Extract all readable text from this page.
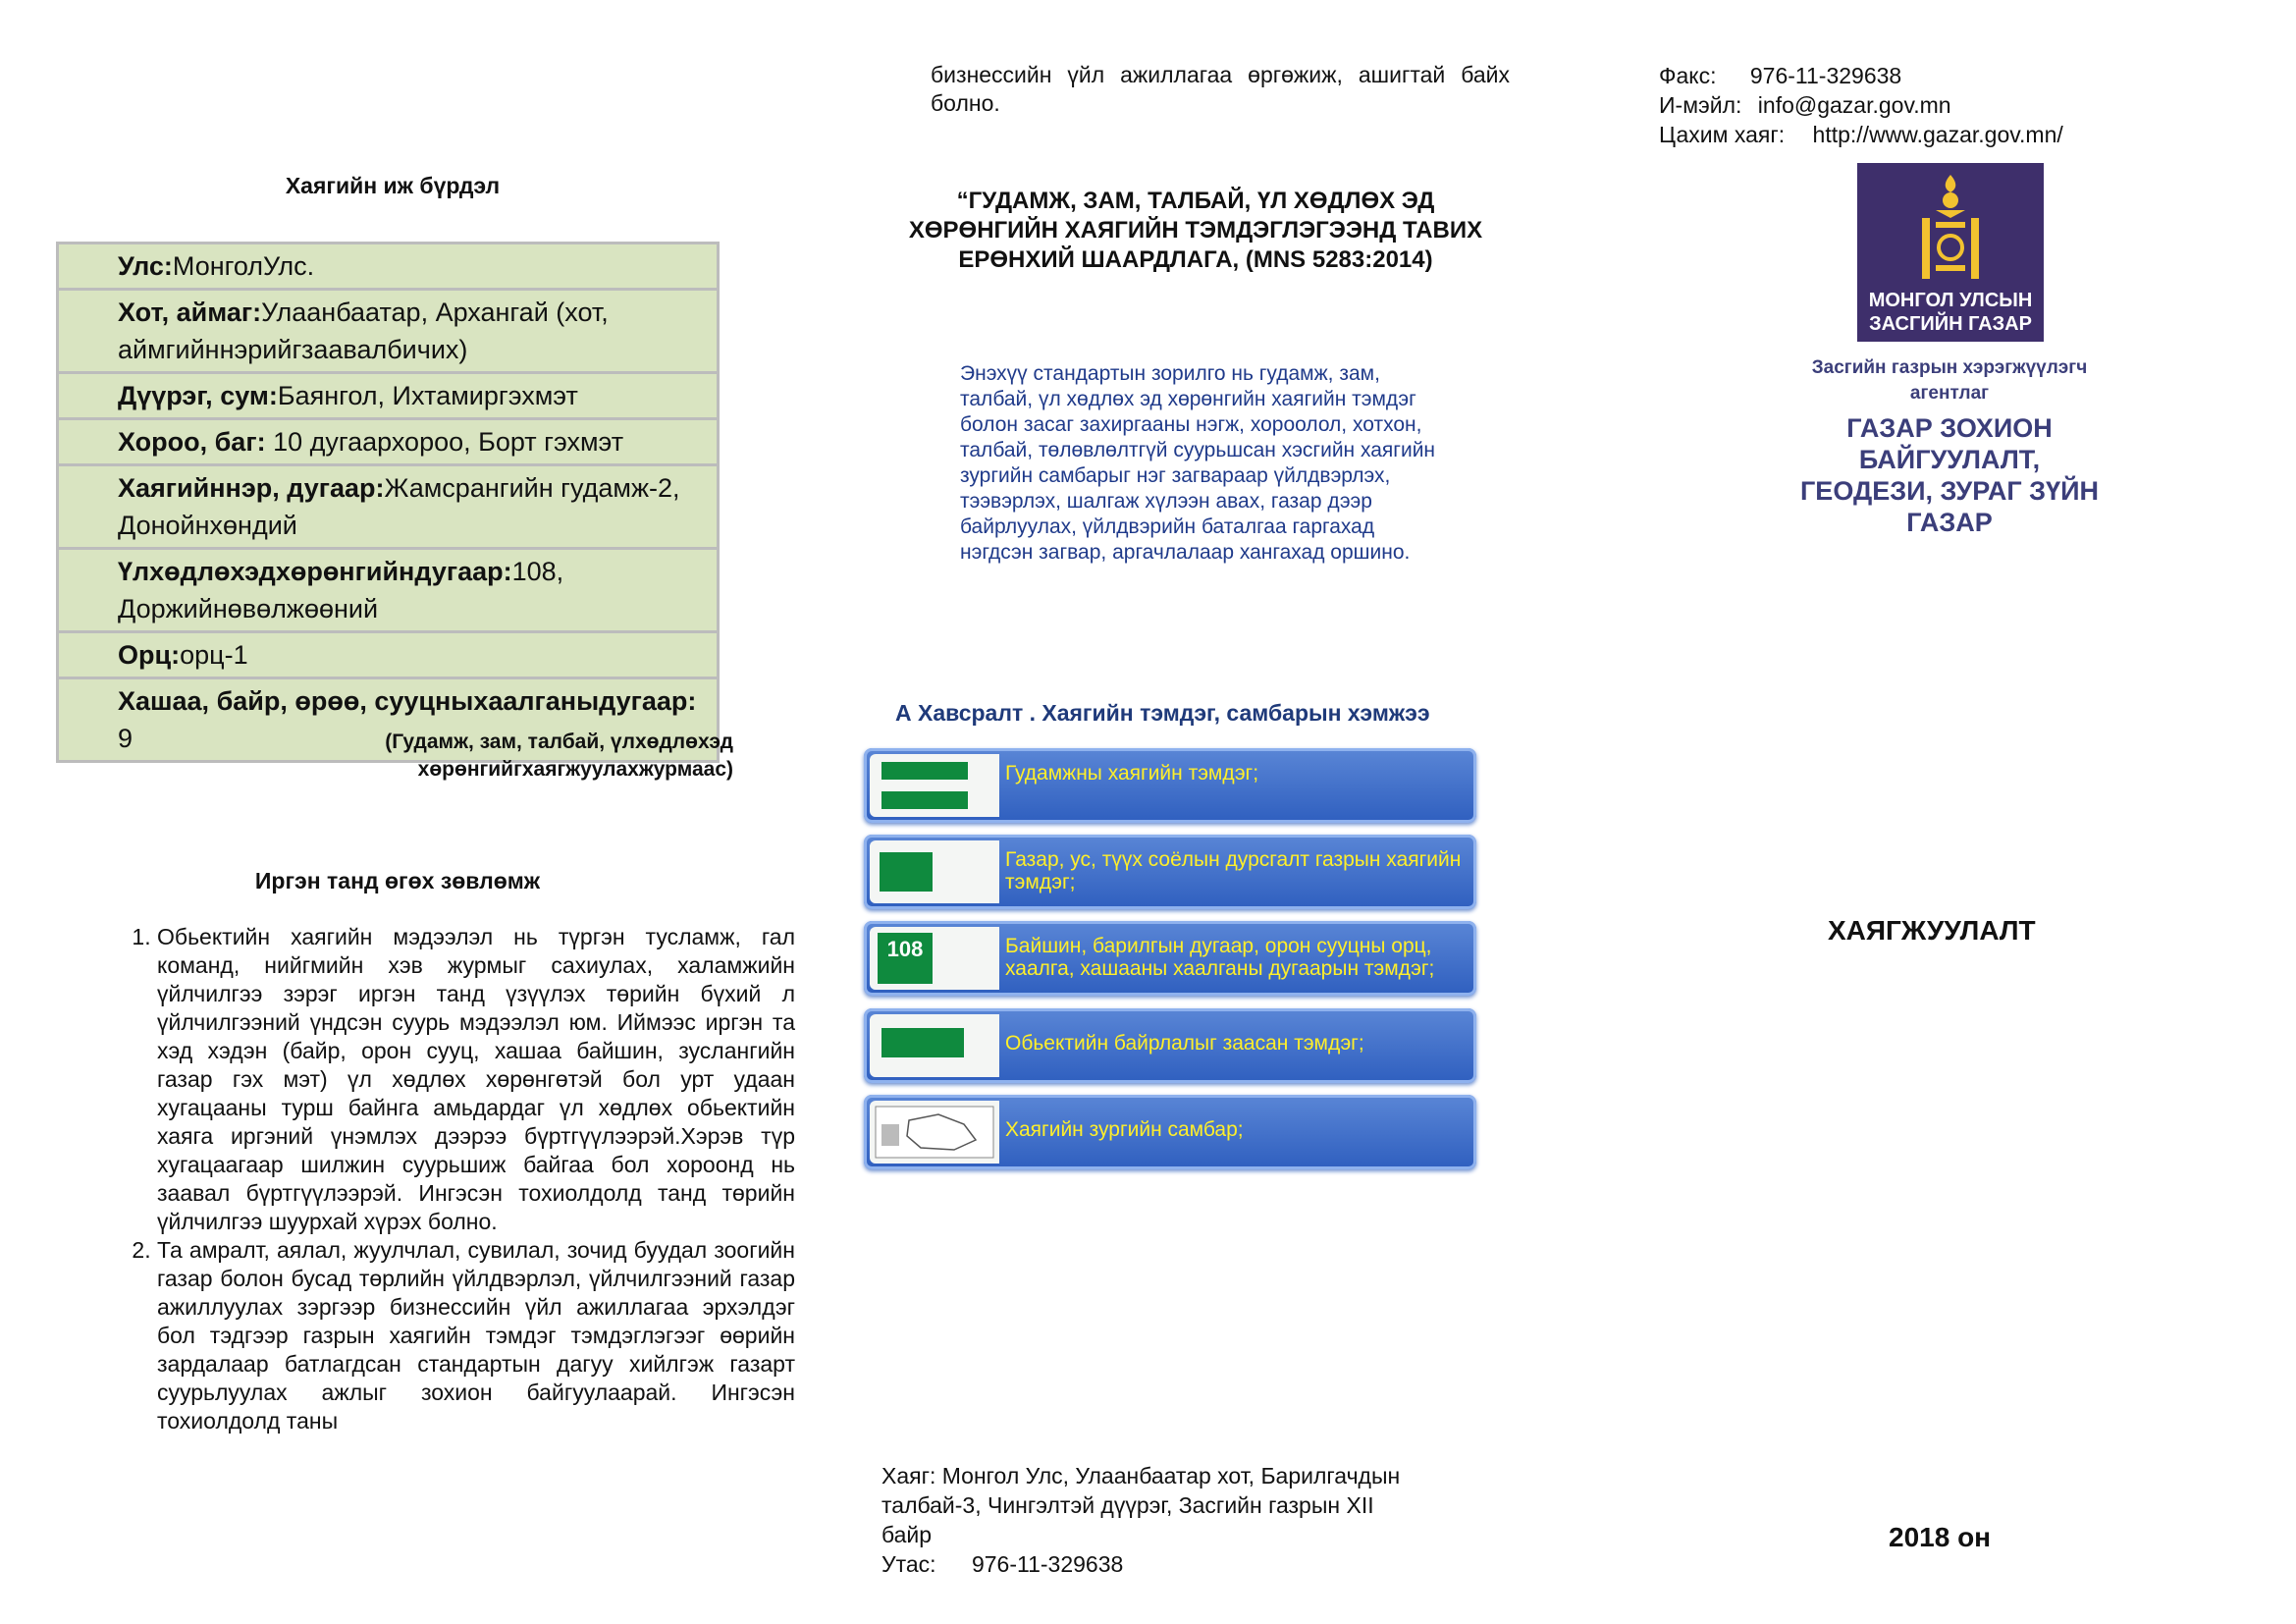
Хаягийн иж бүрдэл
Улс:МонголУлс.
Хот, аймаг:Улаанбаатар, Архангай (хот, аймгийннэрийгзаавалбичих)
Дүүрэг, сум:Баянгол, Ихтамиргэхмэт
Хороо, баг: 10 дугаархороо, Борт гэхмэт
Хаягийннэр, дугаар:Жамсрангийн гудамж-2, Донойнхөндий
Үлхөдлөхэдхөрөнгийндугаар:108, Доржийнөвөлжөөний
Орц:орц-1
Хашаа, байр, өрөө, сууцныхаалганыдугаар: 9	(Гудамж, зам, талбай, үлхөдлөхэд
хөрөнгийгхаягжуулахжурмаас)
Иргэн танд өгөх зөвлөмж
1. Обьектийн хаягийн мэдээлэл нь түргэн тусламж, гал команд, нийгмийн хэв журмыг сахиулах, халамжийн үйлчилгээ зэрэг иргэн танд үзүүлэх төрийн бүхий л үйлчилгээний үндсэн суурь мэдээлэл юм. Иймээс иргэн та хэд хэдэн (байр, орон сууц, хашаа байшин, зуслангийн газар гэх мэт) үл хөдлөх хөрөнгөтэй бол урт удаан хугацааны турш байнга амьдардаг үл хөдлөх обьектийн хаяга иргэний үнэмлэх дээрээ бүртгүүлээрэй.Хэрэв түр хугацаагаар шилжин суурьшиж байгаа бол хороонд нь заавал бүртгүүлээрэй. Ингэсэн тохиолдолд танд төрийн үйлчилгээ шуурхай хүрэх болно.
2. Та амралт, аялал, жуулчлал, сувилал, зочид буудал зоогийн газар болон бусад төрлийн үйлдвэрлэл, үйлчилгээний газар ажиллуулах зэргээр бизнессийн үйл ажиллагаа эрхэлдэг бол тэдгээр газрын хаягийн тэмдэг тэмдэглэгээг өөрийн зардалаар батлагдсан стандартын дагуу хийлгэж газарт суурьлуулах ажлыг зохион байгуулаарай. Ингэсэн тохиолдолд таны
бизнессийн үйл ажиллагаа өргөжиж, ашигтай байх болно.
“ГУДАМЖ, ЗАМ, ТАЛБАЙ, ҮЛ ХӨДЛӨХ ЭД
ХӨРӨНГИЙН ХАЯГИЙН ТЭМДЭГЛЭГЭЭНД ТАВИХ
ЕРӨНХИЙ ШААРДЛАГА, (MNS 5283:2014)
Энэхүү стандартын зорилго нь гудамж, зам, талбай, үл хөдлөх эд хөрөнгийн хаягийн тэмдэг болон засаг захиргааны нэгж, хороолол, хотхон, талбай, төлөвлөлтгүй суурьшсан хэсгийн хаягийн зургийн самбарыг нэг загвараар үйлдвэрлэх, тээвэрлэх, шалгаж хүлээн авах, газар дээр байрлуулах, үйлдвэрийн баталгаа гаргахад нэгдсэн загвар, аргачлалаар хангахад оршино.
А Хавсралт . Хаягийн тэмдэг, самбарын хэмжээ
Гудамжны хаягийн тэмдэг;
Газар, ус, түүх соёлын дурсгалт газрын хаягийн тэмдэг;
108	Байшин, барилгын дугаар, орон сууцны орц, хаалга, хашааны хаалганы дугаарын тэмдэг;
Обьектийн байрлалыг заасан тэмдэг;
Хаягийн зургийн самбар;
Хаяг: Монгол Улс, Улаанбаатар хот, Барилгачдын
талбай-3, Чингэлтэй дүүрэг, Засгийн газрын XII
байр
Утас: 976-11-329638
Факс: 976-11-329638
И-мэйл: info@gazar.gov.mn
Цахим хаяг: http://www.gazar.gov.mn/
МОНГОЛ УЛСЫН
ЗАСГИЙН ГАЗАР
Засгийн газрын хэрэгжүүлэгч агентлаг
ГАЗАР ЗОХИОН БАЙГУУЛАЛТ,
ГЕОДЕЗИ, ЗУРАГ ЗҮЙН ГАЗАР
ХАЯГЖУУЛАЛТ
2018 он
